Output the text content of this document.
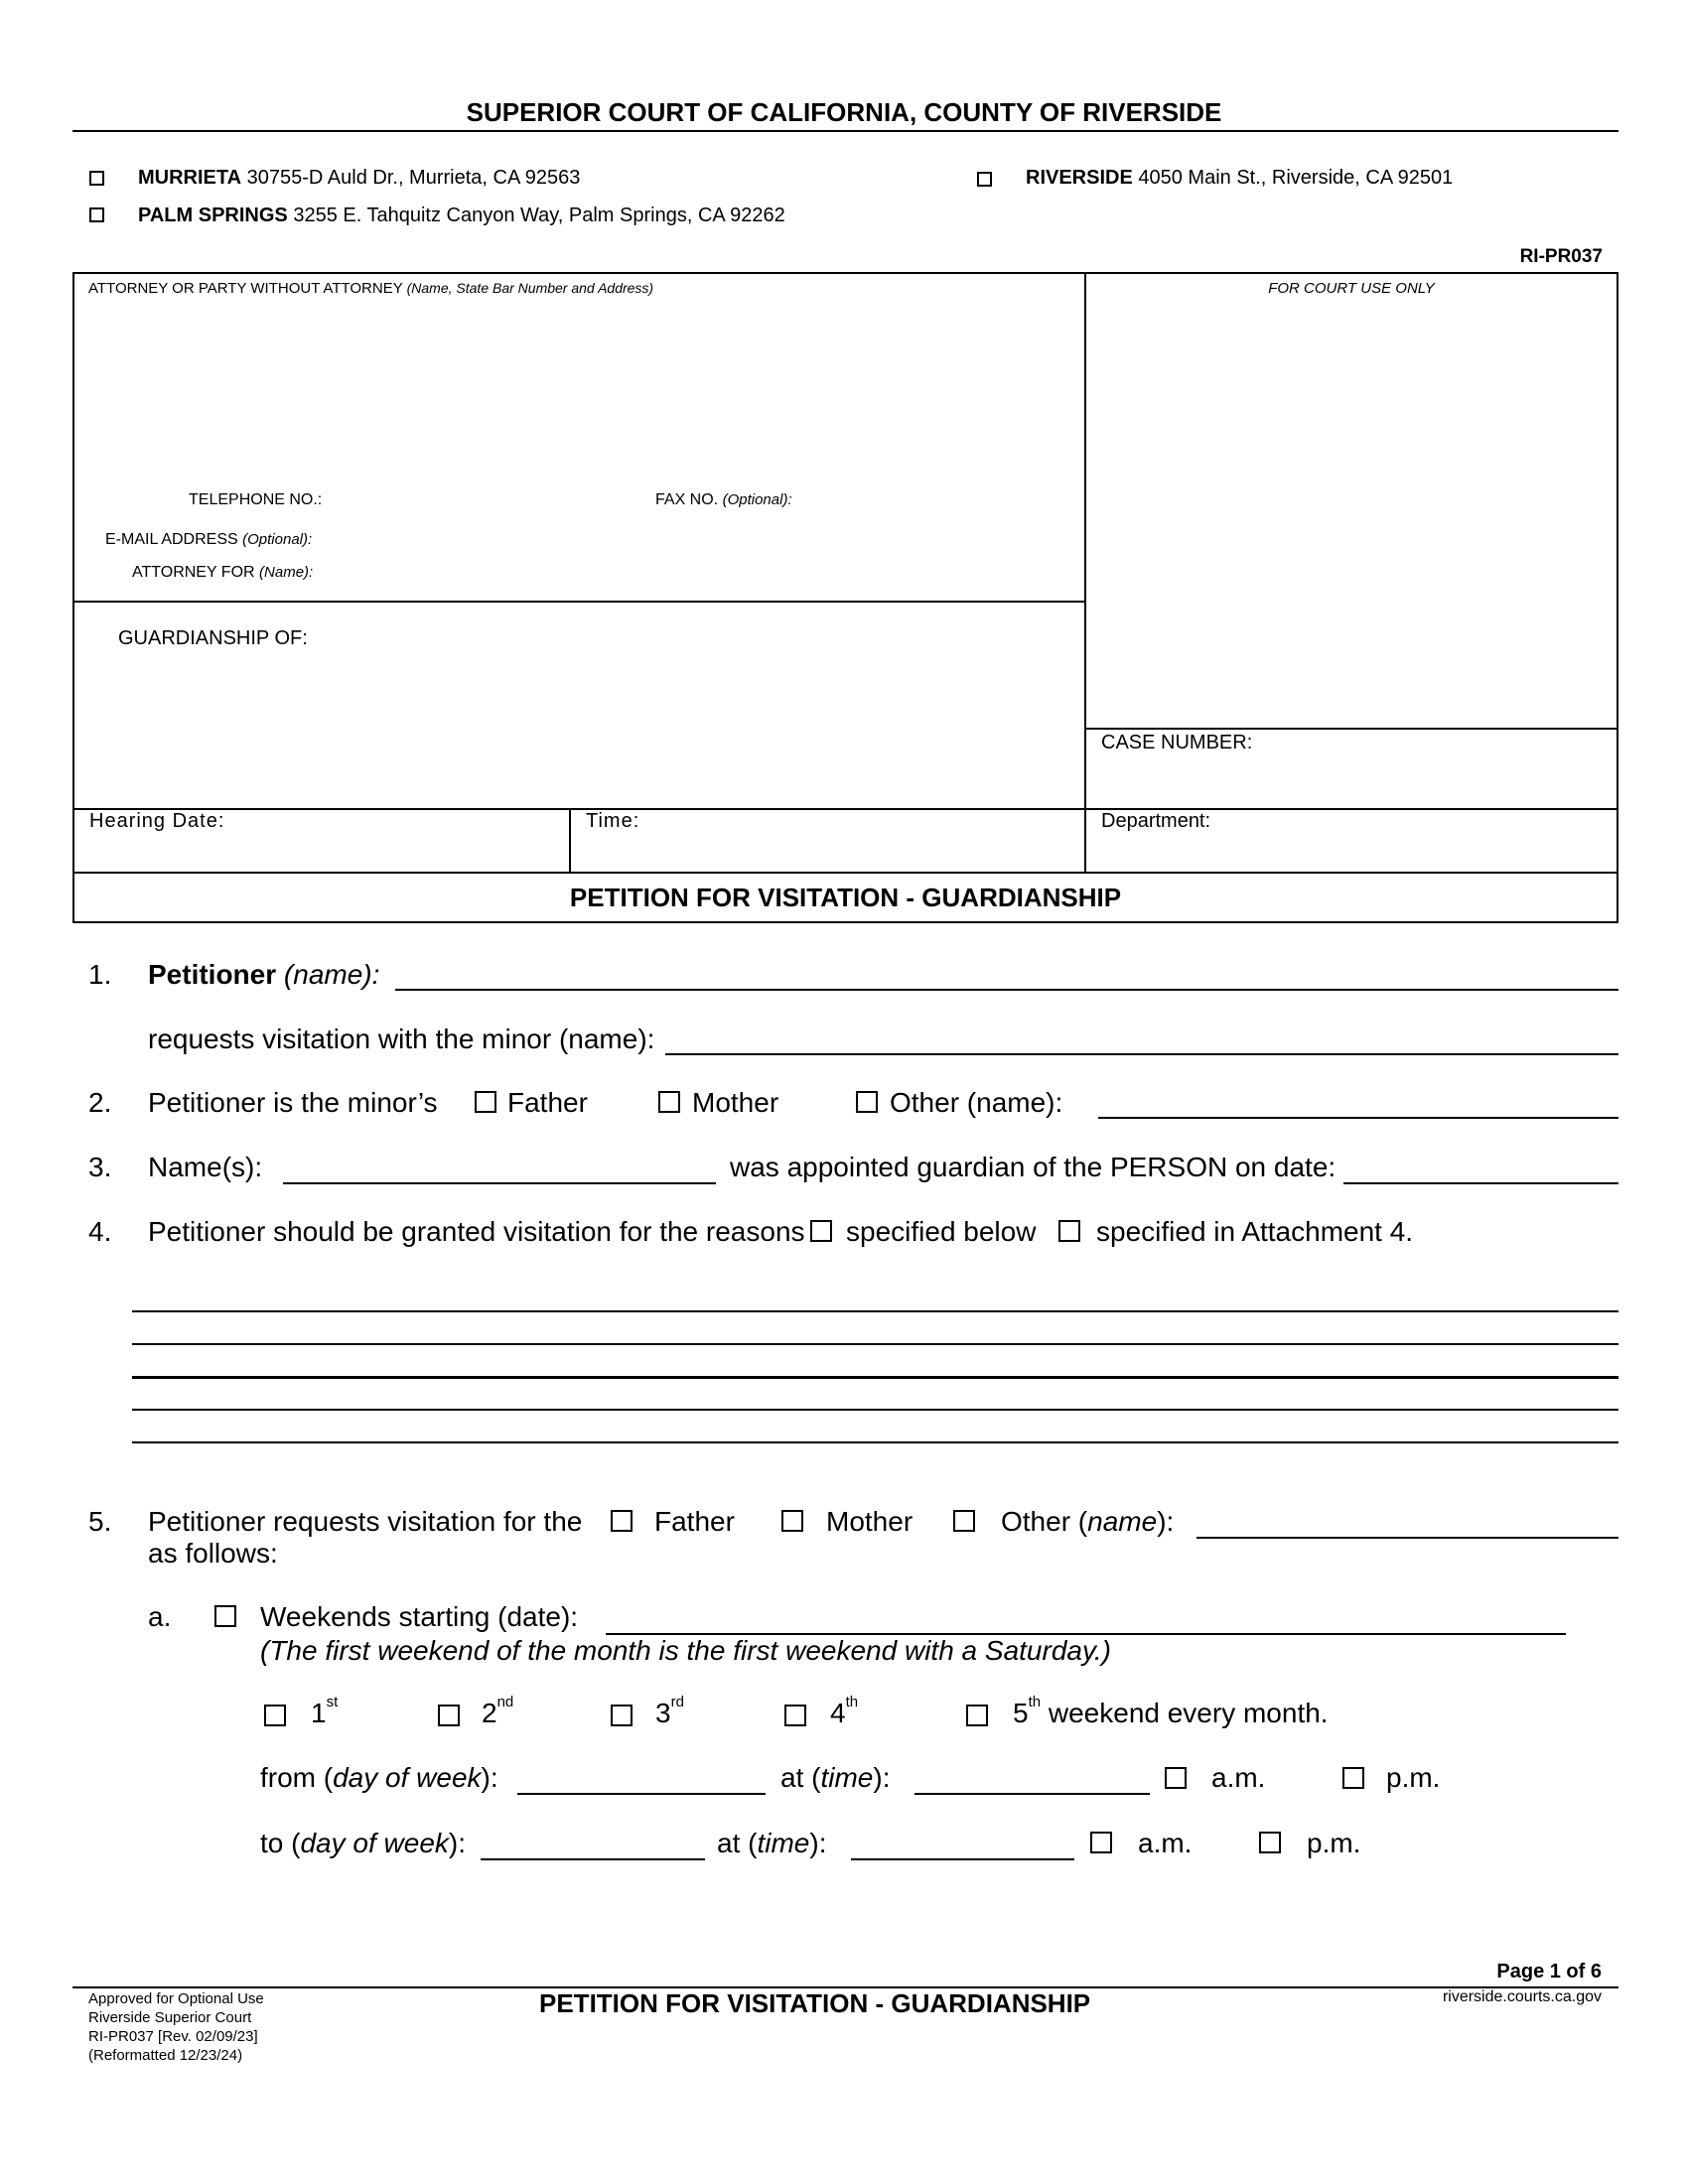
SUPERIOR COURT OF CALIFORNIA, COUNTY OF RIVERSIDE
MURRIETA 30755-D Auld Dr., Murrieta, CA 92563
PALM SPRINGS 3255 E. Tahquitz Canyon Way, Palm Springs, CA 92262
RIVERSIDE 4050 Main St., Riverside, CA 92501
RI-PR037
ATTORNEY OR PARTY WITHOUT ATTORNEY (Name, State Bar Number and Address)	FOR COURT USE ONLY
TELEPHONE NO.:	FAX NO. (Optional):
E-MAIL ADDRESS (Optional):
ATTORNEY FOR (Name):
GUARDIANSHIP OF:
CASE NUMBER:
Hearing Date:	Time:	Department:
PETITION FOR VISITATION - GUARDIANSHIP
1. Petitioner (name):
requests visitation with the minor (name):
2. Petitioner is the minor’s	Father	Mother	Other (name):
3. Name(s):	was appointed guardian of the PERSON on date:
4. Petitioner should be granted visitation for the reasons specified below specified in Attachment 4.
5. Petitioner requests visitation for the	Father	Mother	Other (name):
as follows:
a.	Weekends starting (date):
(The first weekend of the month is the first weekend with a Saturday.)
1st	2nd	3rd	4th	5th weekend every month.
from (day of week):	at (time):	a.m.	p.m.
to (day of week):	at (time):	a.m.	p.m.
Page 1 of 6
riverside.courts.ca.gov
PETITION FOR VISITATION - GUARDIANSHIP
Approved for Optional Use
Riverside Superior Court
RI-PR037 [Rev. 02/09/23]
(Reformatted 12/23/24)
